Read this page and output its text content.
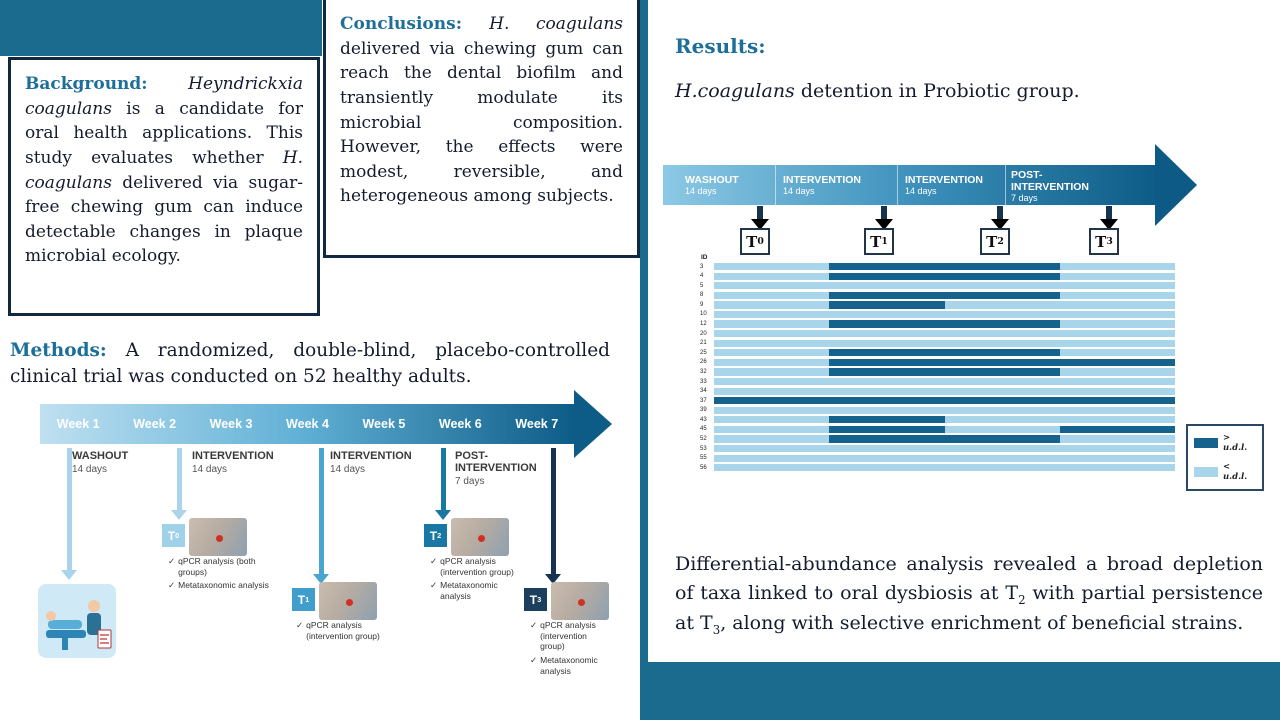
Background: Heyndrickxia coagulans is a candidate for oral health applications. This study evaluates whether H. coagulans delivered via sugar-free chewing gum can induce detectable changes in plaque microbial ecology.

Conclusions: H. coagulans delivered via chewing gum can reach the dental biofilm and transiently modulate its microbial composition. However, the effects were modest, reversible, and heterogeneous among subjects.

Methods: A randomized, double-blind, placebo-controlled clinical trial was conducted on 52 healthy adults.

Week 1	Week 2	Week 3	Week 4	Week 5	Week 6	Week 7
WASHOUT
14 days
INTERVENTION
14 days
INTERVENTION
14 days
POST-INTERVENTION
7 days
T 0
✓ qPCR analysis (both groups)
✓ Metataxonomic analysis
T 1
✓ qPCR analysis (intervention group)
T 2
✓ qPCR analysis (intervention group)
✓ Metataxonomic analysis	T 3
✓ qPCR analysis (intervention group)
✓ Metataxonomic analysis
Results:

H.coagulans detention in Probiotic group.

WASHOUT
14 days
INTERVENTION
14 days
INTERVENTION
14 days
POST-INTERVENTION
7 days
T 0	T 1	T 2	T 3
ID
3
4
5
8
9
10
12
20
21
25
26
32
33
34
37
39
43
45
52
53
55
56
> u.d.l.
< u.d.l.

Differential-abundance analysis revealed a broad depletion of taxa linked to oral dysbiosis at $T_2$ with partial persistence at $T_3$, along with selective enrichment of beneficial strains.
